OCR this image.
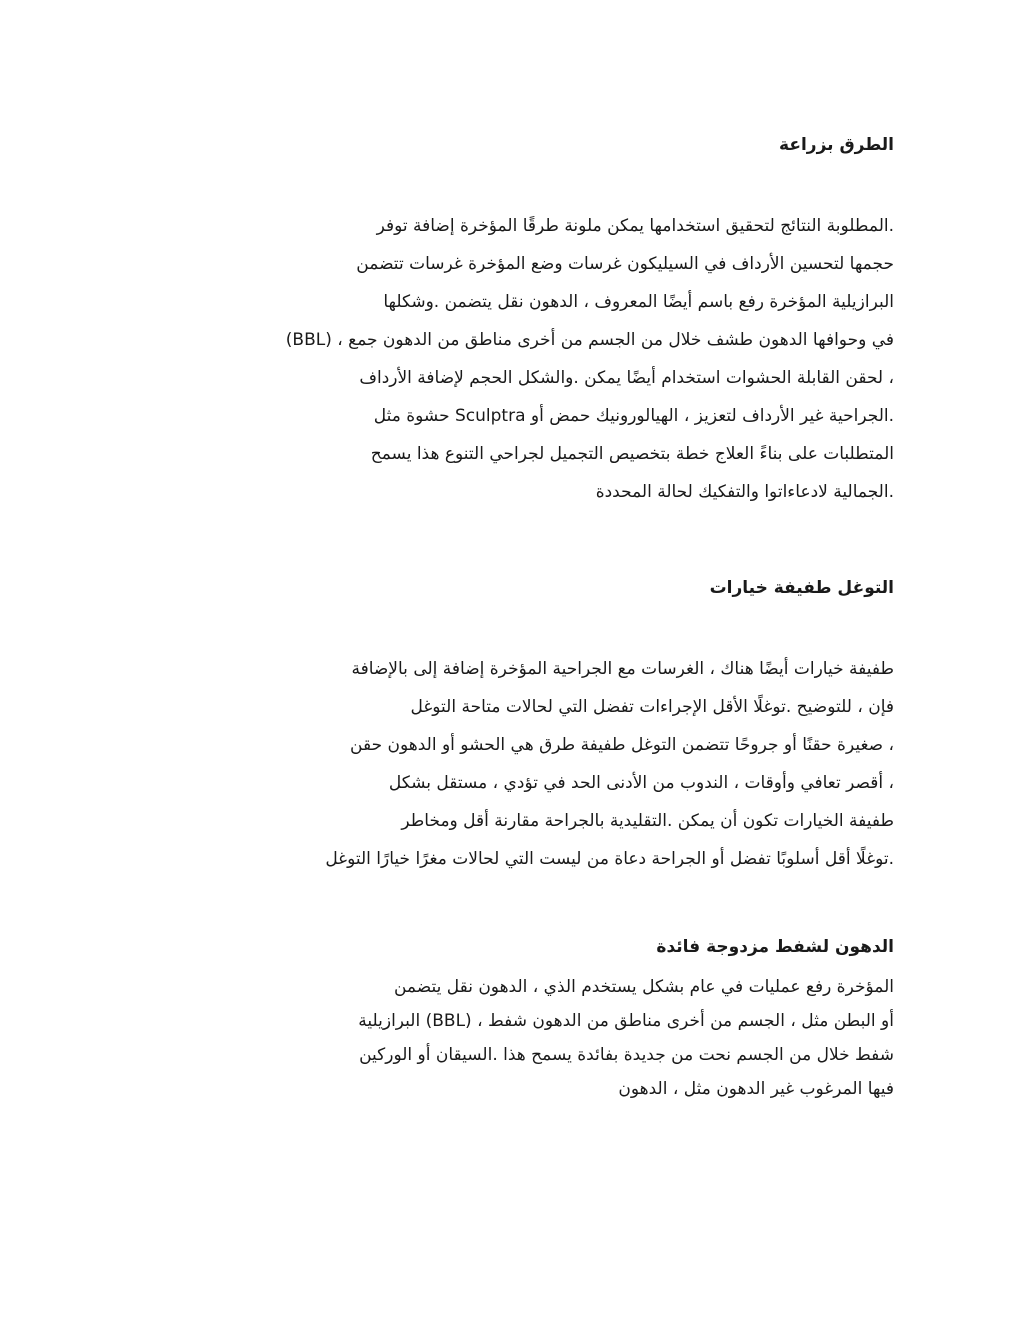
الطرق بزراعة
.المطلوبة النتائج لتحقيق استخدامها يمكن ملونة طرقًا المؤخرة إضافة توفر
حجمها لتحسين الأرداف في السيليكون غرسات وضع المؤخرة غرسات تتضمن
البرازيلية المؤخرة رفع باسم أيضًا المعروف ، الدهون نقل يتضمن .وشكلها
في وحوافها الدهون طشف خلال من الجسم من أخرى مناطق من الدهون جمع ، (BBL)
، لحقن القابلة الحشوات استخدام أيضًا يمكن .والشكل الحجم لإضافة الأرداف
.الجراحية غير الأرداف لتعزيز ، الهيالورونيك حمض أو Sculptra حشوة مثل
المتطلبات على بناءً العلاج خطة بتخصيص التجميل لجراحي التنوع هذا يسمح
.الجمالية لادعاءاتوا والتفكيك لحالة المحددة
التوغل طفيفة خيارات
طفيفة خيارات أيضًا هناك ، الغرسات مع الجراحية المؤخرة إضافة إلى بالإضافة
فإن ، للتوضيح .توغلًا الأقل الإجراءات تفضل التي لحالات متاحة التوغل
، صغيرة حقنًا أو جروحًا تتضمن التوغل طفيفة طرق هي الحشو أو الدهون حقن
، أقصر تعافي وأوقات ، الندوب من الأدنى الحد في تؤدي ، مستقل بشكل
طفيفة الخيارات تكون أن يمكن .التقليدية بالجراحة مقارنة أقل ومخاطر
.توغلًا أقل أسلوبًا تفضل أو الجراحة دعاة من ليست التي لحالات مغرًا خيارًا التوغل
الدهون لشفط مزدوجة فائدة
المؤخرة رفع عمليات في عام بشكل يستخدم الذي ، الدهون نقل يتضمن
أو البطن مثل ، الجسم من أخرى مناطق من الدهون شفط ، (BBL) البرازيلية
شفط خلال من الجسم نحت من جديدة بفائدة يسمح هذا .السيقان أو الوركين
فيها المرغوب غير الدهون مثل ، الدهون
